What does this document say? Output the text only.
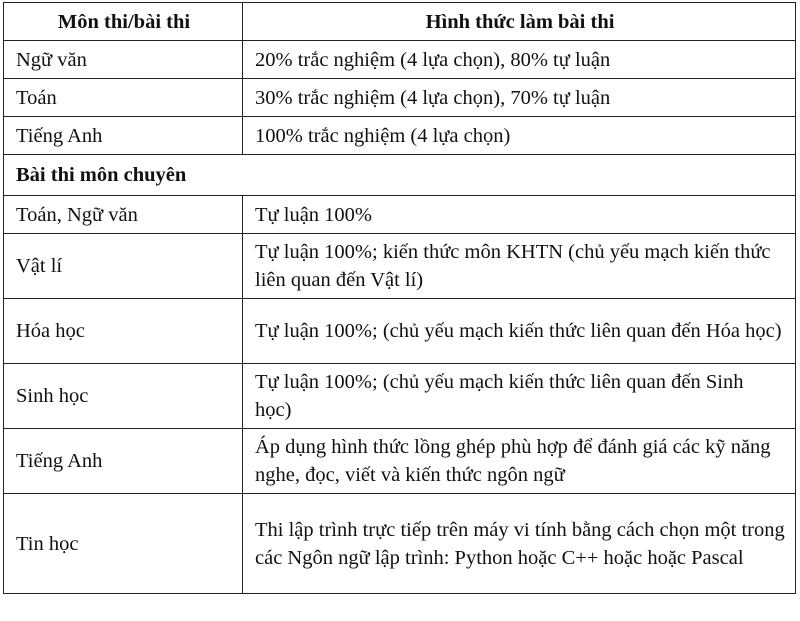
Môn thi/bài thi	Hình thức làm bài thi
Ngữ văn	20% trắc nghiệm (4 lựa chọn), 80% tự luận
Toán	30% trắc nghiệm (4 lựa chọn), 70% tự luận
Tiếng Anh	100% trắc nghiệm (4 lựa chọn)
Bài thi môn chuyên	
Toán, Ngữ văn	Tự luận 100%
Vật lí	Tự luận 100%; kiến thức môn KHTN (chủ yếu mạch kiến thức liên quan đến Vật lí)
Hóa học	Tự luận 100%; (chủ yếu mạch kiến thức liên quan đến Hóa học)
Sinh học	Tự luận 100%; (chủ yếu mạch kiến thức liên quan đến Sinh học)
Tiếng Anh	Áp dụng hình thức lồng ghép phù hợp để đánh giá các kỹ năng nghe, đọc, viết và kiến thức ngôn ngữ
Tin học	Thi lập trình trực tiếp trên máy vi tính bằng cách chọn một trong các Ngôn ngữ lập trình: Python hoặc C++ hoặc hoặc Pascal
